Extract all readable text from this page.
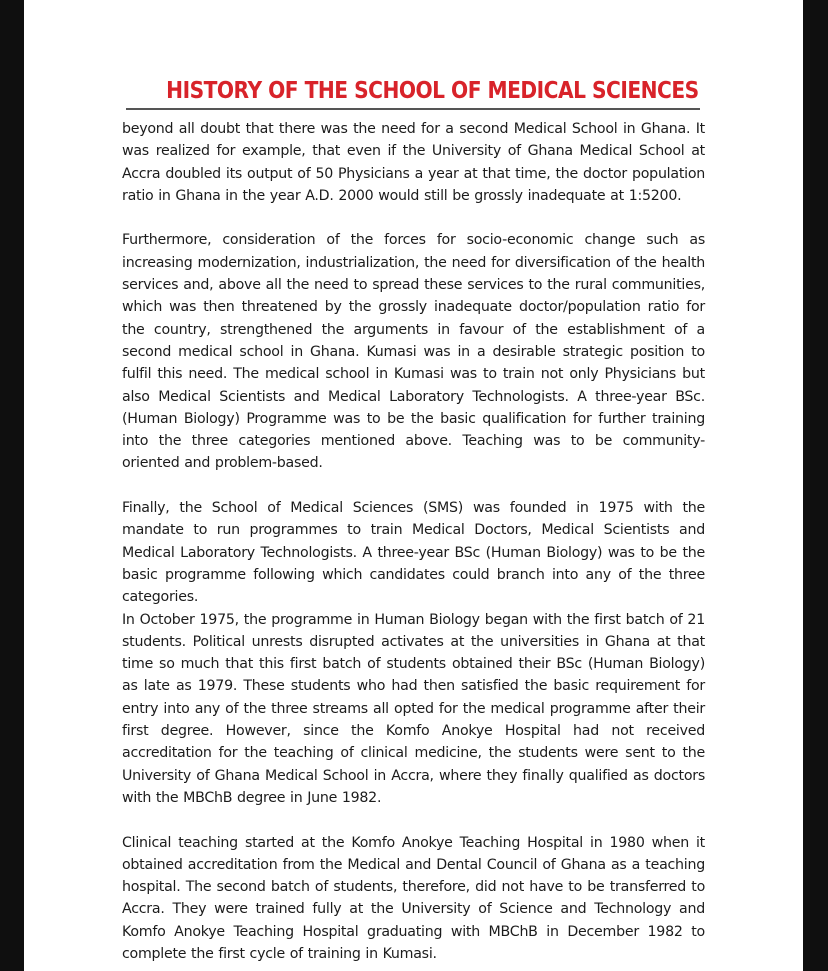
HISTORY OF THE SCHOOL OF MEDICAL SCIENCES

beyond all doubt that there was the need for a second Medical School in Ghana. It was realized for example, that even if the University of Ghana Medical School at Accra doubled its output of 50 Physicians a year at that time, the doctor population ratio in Ghana in the year A.D. 2000 would still be grossly inadequate at 1:5200.

Furthermore, consideration of the forces for socio-economic change such as increasing modernization, industrialization, the need for diversification of the health services and, above all the need to spread these services to the rural communities, which was then threatened by the grossly inadequate doctor/population ratio for the country, strengthened the arguments in favour of the establishment of a second medical school in Ghana. Kumasi was in a desirable strategic position to fulfil this need. The medical school in Kumasi was to train not only Physicians but also Medical Scientists and Medical Laboratory Technologists. A three-year BSc. (Human Biology) Programme was to be the basic qualification for further training into the three categories mentioned above. Teaching was to be community-oriented and problem-based.

Finally, the School of Medical Sciences (SMS) was founded in 1975 with the mandate to run programmes to train Medical Doctors, Medical Scientists and Medical Laboratory Technologists. A three-year BSc (Human Biology) was to be the basic programme following which candidates could branch into any of the three categories.

In October 1975, the programme in Human Biology began with the first batch of 21 students. Political unrests disrupted activates at the universities in Ghana at that time so much that this first batch of students obtained their BSc (Human Biology) as late as 1979. These students who had then satisfied the basic requirement for entry into any of the three streams all opted for the medical programme after their first degree. However, since the Komfo Anokye Hospital had not received accreditation for the teaching of clinical medicine, the students were sent to the University of Ghana Medical School in Accra, where they finally qualified as doctors with the MBChB degree in June 1982.

Clinical teaching started at the Komfo Anokye Teaching Hospital in 1980 when it obtained accreditation from the Medical and Dental Council of Ghana as a teaching hospital. The second batch of students, therefore, did not have to be transferred to Accra. They were trained fully at the University of Science and Technology and Komfo Anokye Teaching Hospital graduating with MBChB in December 1982 to complete the first cycle of training in Kumasi.
